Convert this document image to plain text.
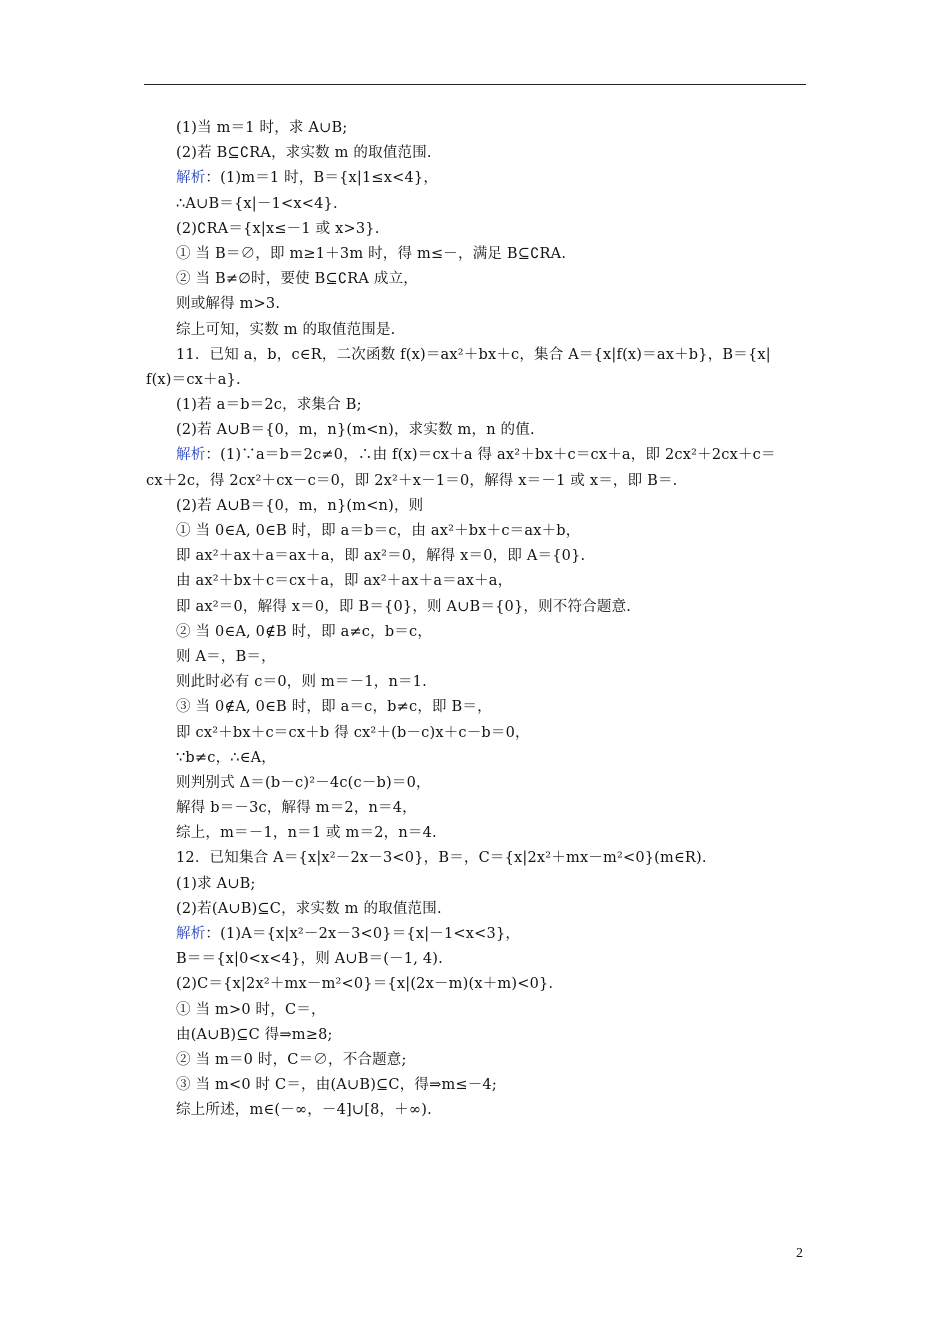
(1)当 m＝1 时，求 A∪B;
(2)若 B⊆∁RA，求实数 m 的取值范围.
解析：(1)m＝1 时，B＝{x|1≤x<4}，
∴A∪B＝{x|－1<x<4}.
(2)∁RA＝{x|x≤－1 或 x>3}.
① 当 B＝∅，即 m≥1＋3m 时，得 m≤－，满足 B⊆∁RA.
② 当 B≠∅时，要使 B⊆∁RA 成立，
则或解得 m>3.
综上可知，实数 m 的取值范围是.
11．已知 a，b，c∈R，二次函数 f(x)＝ax²＋bx＋c，集合 A＝{x|f(x)＝ax＋b}，B＝{x|
f(x)＝cx＋a}.
(1)若 a＝b＝2c，求集合 B;
(2)若 A∪B＝{0，m，n}(m<n)，求实数 m，n 的值.
解析：(1)∵a＝b＝2c≠0，∴由 f(x)＝cx＋a 得 ax²＋bx＋c＝cx＋a，即 2cx²＋2cx＋c＝
cx＋2c，得 2cx²＋cx－c＝0，即 2x²＋x－1＝0，解得 x＝－1 或 x＝，即 B＝.
(2)若 A∪B＝{0，m，n}(m<n)，则
① 当 0∈A, 0∈B 时，即 a＝b＝c，由 ax²＋bx＋c＝ax＋b，
即 ax²＋ax＋a＝ax＋a，即 ax²＝0，解得 x＝0，即 A＝{0}.
由 ax²＋bx＋c＝cx＋a，即 ax²＋ax＋a＝ax＋a，
即 ax²＝0，解得 x＝0，即 B＝{0}，则 A∪B＝{0}，则不符合题意.
② 当 0∈A, 0∉B 时，即 a≠c，b＝c，
则 A＝，B＝，
则此时必有 c＝0，则 m＝－1，n＝1.
③ 当 0∉A, 0∈B 时，即 a＝c，b≠c，即 B＝，
即 cx²＋bx＋c＝cx＋b 得 cx²＋(b－c)x＋c－b＝0，
∵b≠c，∴∈A，
则判别式 Δ＝(b－c)²－4c(c－b)＝0，
解得 b＝－3c，解得 m＝2，n＝4，
综上，m＝－1，n＝1 或 m＝2，n＝4.
12．已知集合 A＝{x|x²－2x－3<0}，B＝，C＝{x|2x²＋mx－m²<0}(m∈R).
(1)求 A∪B;
(2)若(A∪B)⊆C，求实数 m 的取值范围.
解析：(1)A＝{x|x²－2x－3<0}＝{x|－1<x<3}，
B＝＝{x|0<x<4}，则 A∪B＝(－1, 4).
(2)C＝{x|2x²＋mx－m²<0}＝{x|(2x－m)(x＋m)<0}.
① 当 m>0 时，C＝，
由(A∪B)⊆C 得⇒m≥8;
② 当 m＝0 时，C＝∅，不合题意;
③ 当 m<0 时 C＝，由(A∪B)⊆C，得⇒m≤－4;
综上所述，m∈(－∞，－4]∪[8，＋∞).
2
